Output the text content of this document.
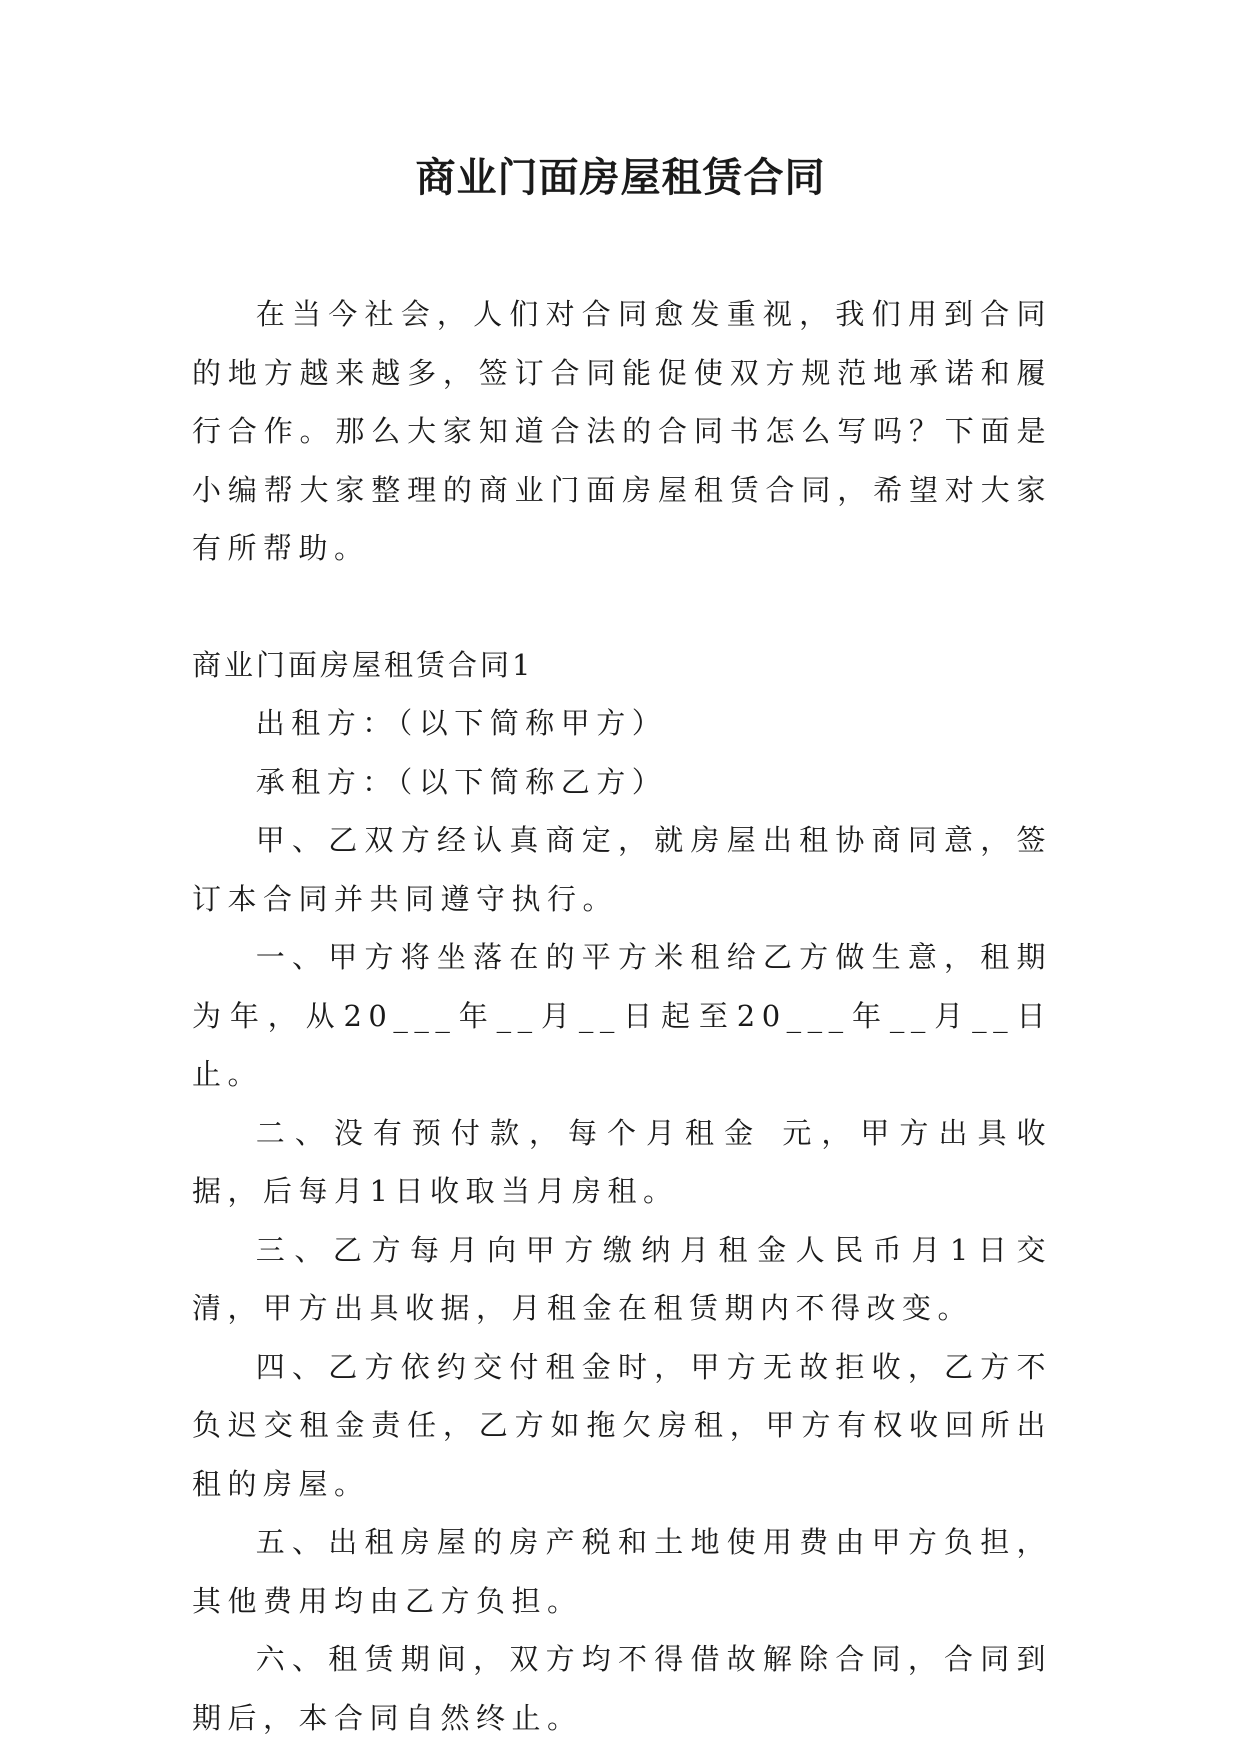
商业门面房屋租赁合同

在当今社会，人们对合同愈发重视，我们用到合同的地方越来越多，签订合同能促使双方规范地承诺和履行合作。那么大家知道合法的合同书怎么写吗？下面是小编帮大家整理的商业门面房屋租赁合同，希望对大家有所帮助。

商业门面房屋租赁合同1

出租方：（以下简称甲方）

承租方：（以下简称乙方）

甲、乙双方经认真商定，就房屋出租协商同意，签订本合同并共同遵守执行。

一、甲方将坐落在的平方米租给乙方做生意，租期为年，从20___年__月__日起至20___年__月__日止。

二、没有预付款，每个月租金 元，甲方出具收据，后每月1日收取当月房租。

三、乙方每月向甲方缴纳月租金人民币月1日交清，甲方出具收据，月租金在租赁期内不得改变。

四、乙方依约交付租金时，甲方无故拒收，乙方不负迟交租金责任，乙方如拖欠房租，甲方有权收回所出租的房屋。

五、出租房屋的房产税和土地使用费由甲方负担，其他费用均由乙方负担。

六、租赁期间，双方均不得借故解除合同，合同到期后，本合同自然终止。
